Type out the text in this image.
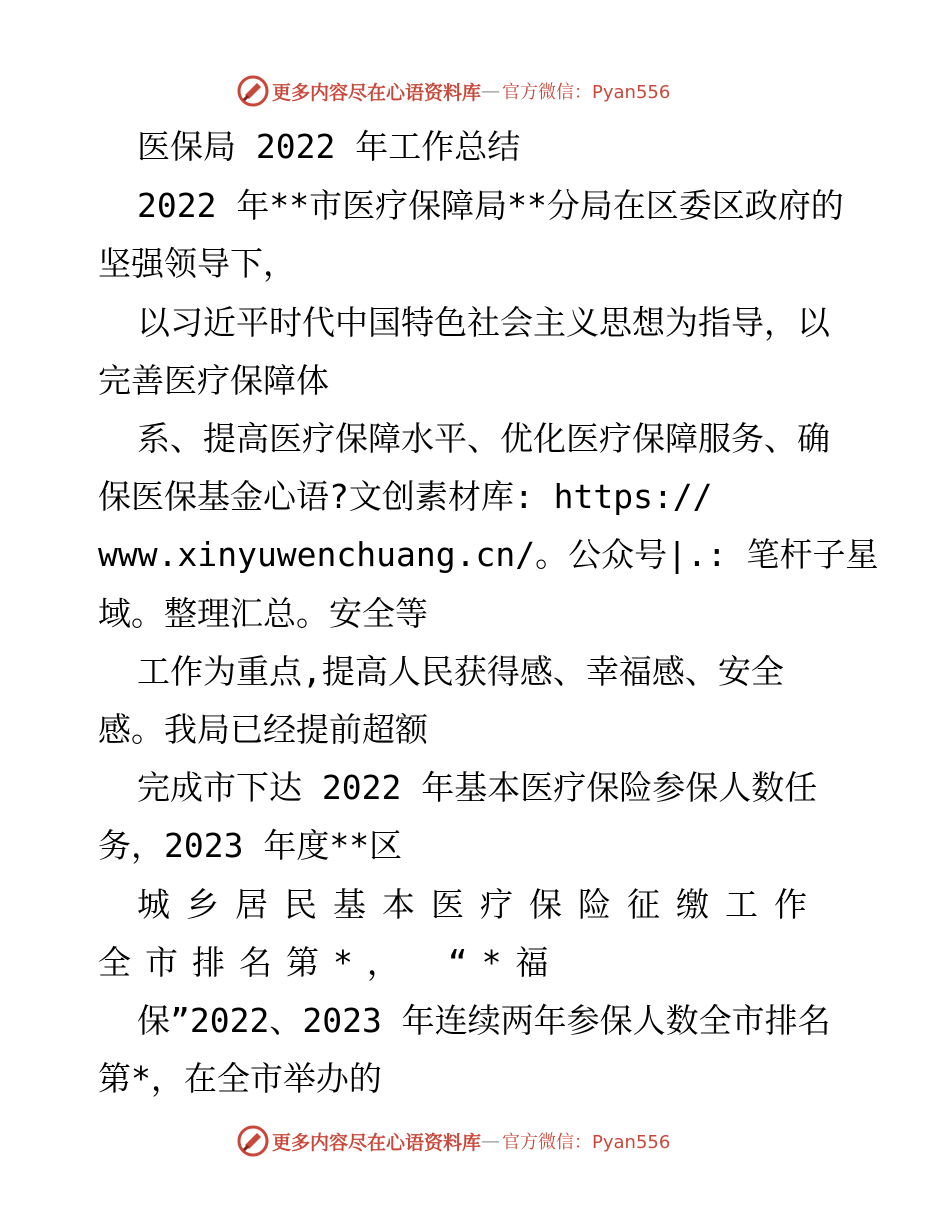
更多内容尽在心语资料库 — 官方微信：Pyan556
医保局 2022 年工作总结
2022 年**市医疗保障局**分局在区委区政府的
坚强领导下，
以习近平时代中国特色社会主义思想为指导，以
完善医疗保障体
系、提高医疗保障水平、优化医疗保障服务、确
保医保基金心语?文创素材库: https://
www.xinyuwenchuang.cn/。公众号|.: 笔杆子星
域。整理汇总。安全等
工作为重点,提高人民获得感、幸福感、安全
感。我局已经提前超额
完成市下达 2022 年基本医疗保险参保人数任
务，2023 年度**区
城乡居民基本医疗保险征缴工作
全市排名第*， “*福
保”2022、2023 年连续两年参保人数全市排名
第*，在全市举办的
更多内容尽在心语资料库 — 官方微信：Pyan556
